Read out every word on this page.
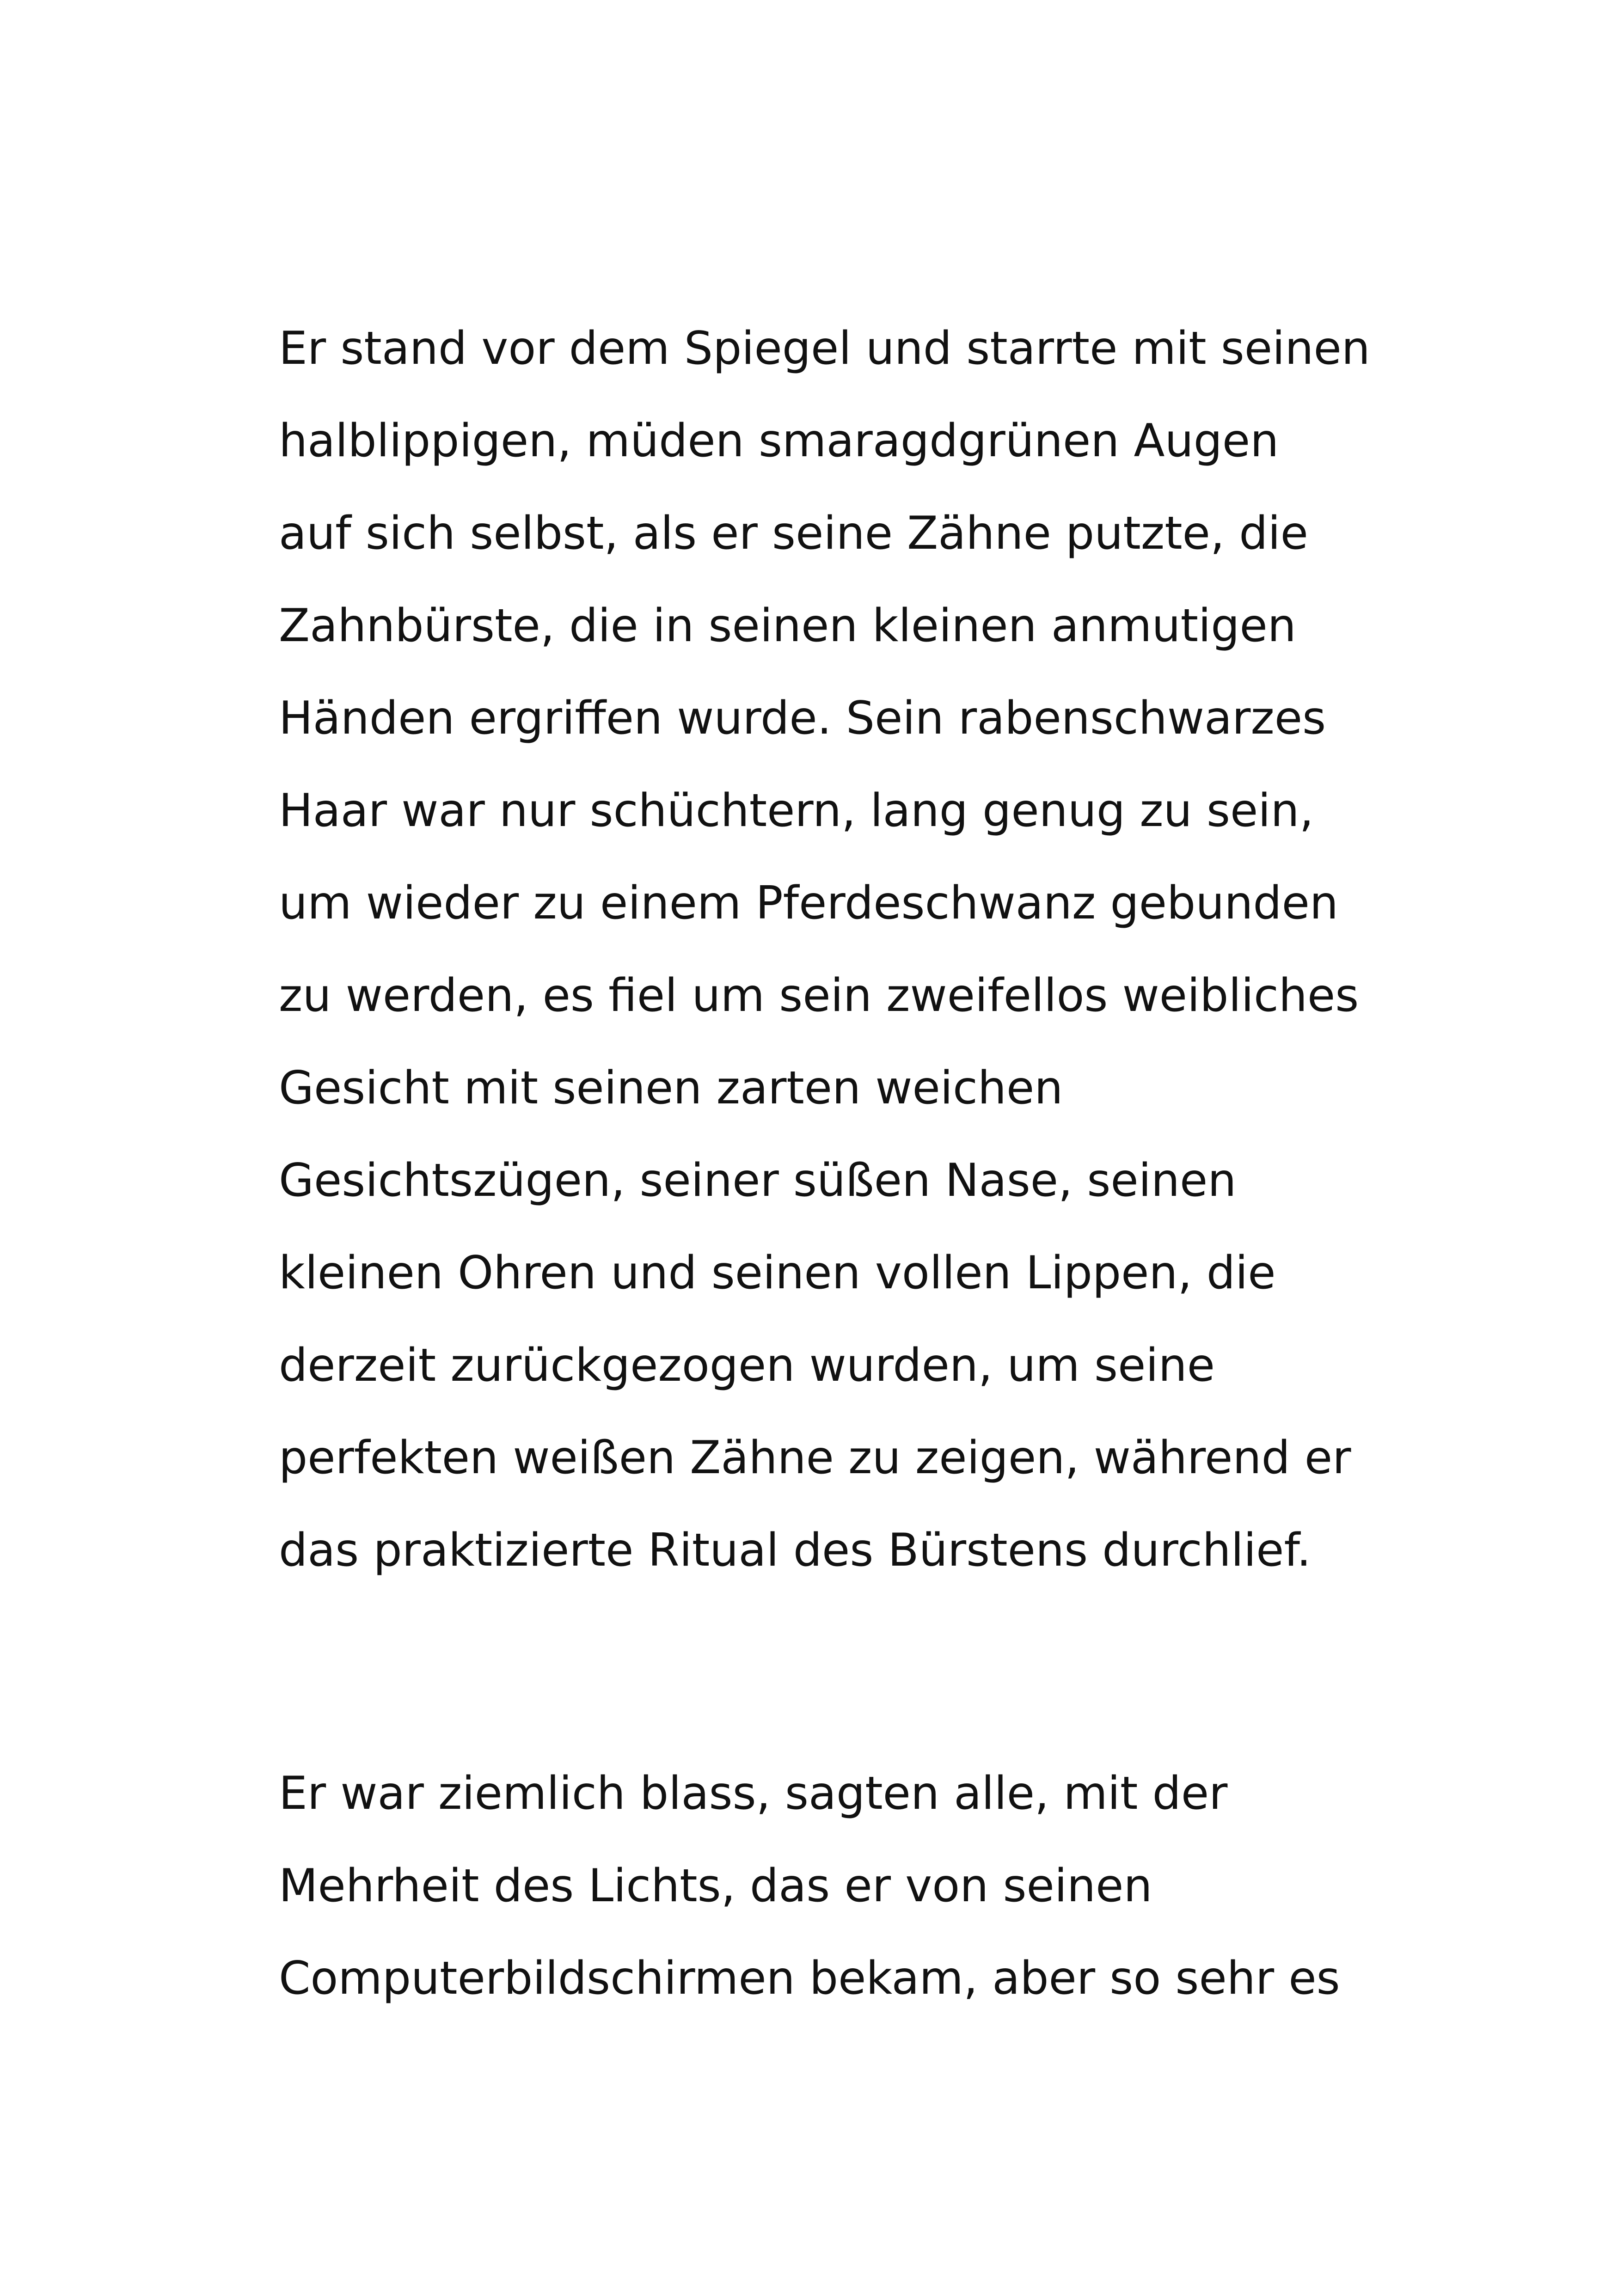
Er stand vor dem Spiegel und starrte mit seinen
halblippigen, müden smaragdgrünen Augen
auf sich selbst, als er seine Zähne putzte, die
Zahnbürste, die in seinen kleinen anmutigen
Händen ergriffen wurde. Sein rabenschwarzes
Haar war nur schüchtern, lang genug zu sein,
um wieder zu einem Pferdeschwanz gebunden
zu werden, es fiel um sein zweifellos weibliches
Gesicht mit seinen zarten weichen
Gesichtszügen, seiner süßen Nase, seinen
kleinen Ohren und seinen vollen Lippen, die
derzeit zurückgezogen wurden, um seine
perfekten weißen Zähne zu zeigen, während er
das praktizierte Ritual des Bürstens durchlief.
Er war ziemlich blass, sagten alle, mit der
Mehrheit des Lichts, das er von seinen
Computerbildschirmen bekam, aber so sehr es
